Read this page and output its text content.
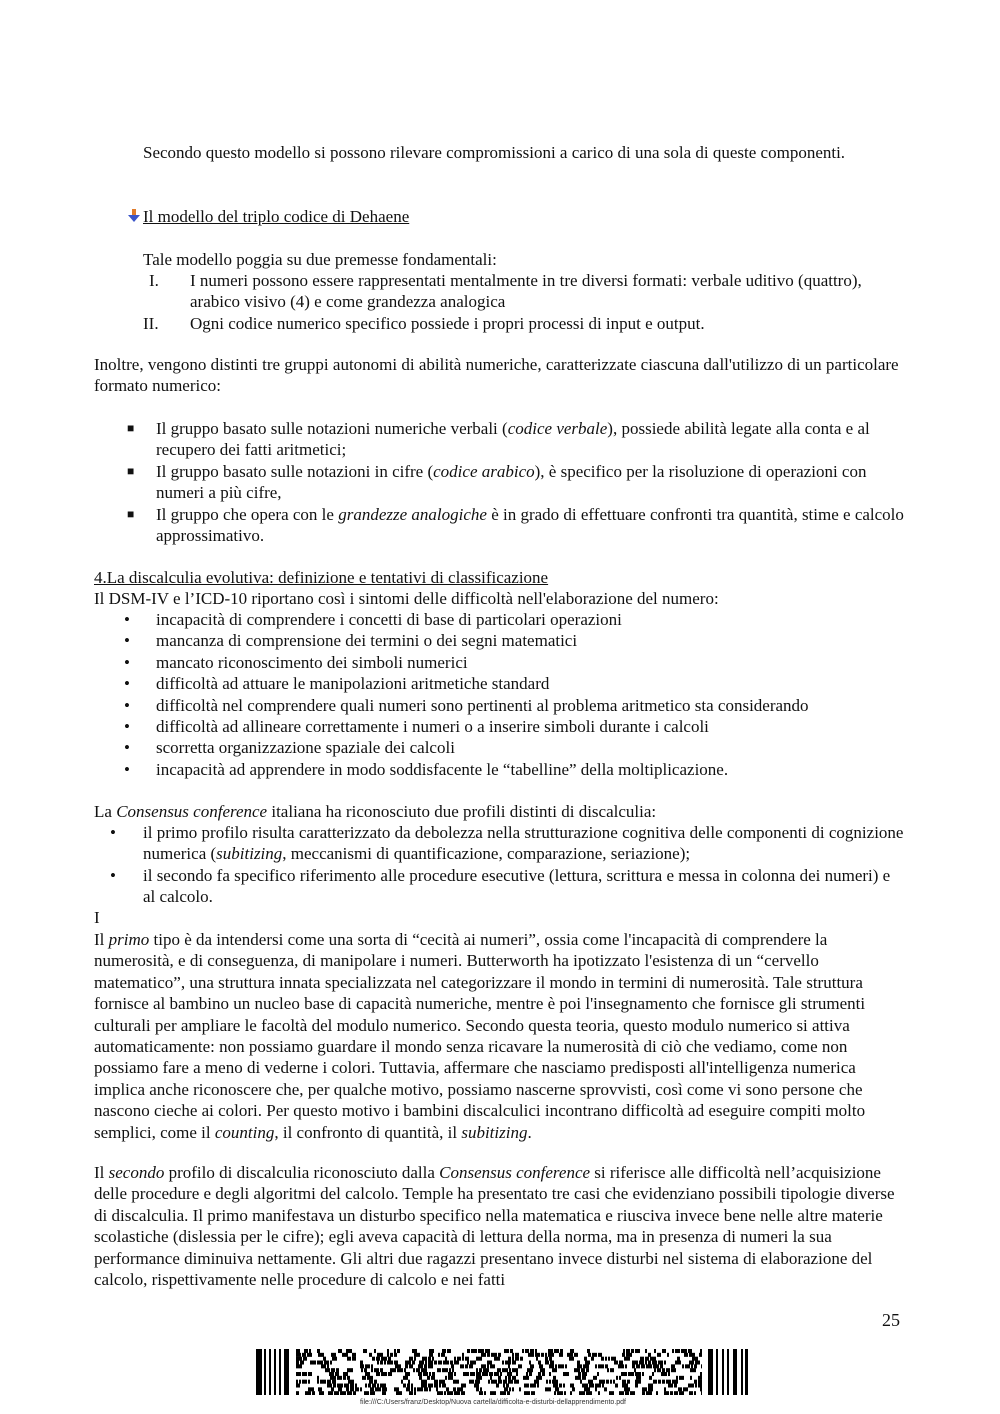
Secondo questo modello si possono rilevare compromissioni a carico di una sola di queste componenti.

Il modello del triplo codice di Dehaene

Tale modello poggia su due premesse fondamentali:

I. I numeri possono essere rappresentati mentalmente in tre diversi formati: verbale uditivo (quattro), arabico visivo (4) e come grandezza analogica
II. Ogni codice numerico specifico possiede i propri processi di input e output.

Inoltre, vengono distinti tre gruppi autonomi di abilità numeriche, caratterizzate ciascuna dall'utilizzo di un particolare formato numerico:

■ Il gruppo basato sulle notazioni numeriche verbali (codice verbale), possiede abilità legate alla conta e al recupero dei fatti aritmetici;
■ Il gruppo basato sulle notazioni in cifre (codice arabico), è specifico per la risoluzione di operazioni con numeri a più cifre,
■ Il gruppo che opera con le grandezze analogiche è in grado di effettuare confronti tra quantità, stime e calcolo approssimativo.

4.La discalculia evolutiva: definizione e tentativi di classificazione

Il DSM-IV e l’ICD-10 riportano così i sintomi delle difficoltà nell'elaborazione del numero:

• incapacità di comprendere i concetti di base di particolari operazioni
• mancanza di comprensione dei termini o dei segni matematici
• mancato riconoscimento dei simboli numerici
• difficoltà ad attuare le manipolazioni aritmetiche standard
• difficoltà nel comprendere quali numeri sono pertinenti al problema aritmetico sta considerando
• difficoltà ad allineare correttamente i numeri o a inserire simboli durante i calcoli
• scorretta organizzazione spaziale dei calcoli
• incapacità ad apprendere in modo soddisfacente le “tabelline” della moltiplicazione.

La Consensus conference italiana ha riconosciuto due profili distinti di discalculia:

• il primo profilo risulta caratterizzato da debolezza nella strutturazione cognitiva delle componenti di cognizione numerica (subitizing, meccanismi di quantificazione, comparazione, seriazione);
• il secondo fa specifico riferimento alle procedure esecutive (lettura, scrittura e messa in colonna dei numeri) e al calcolo.

I

Il primo tipo è da intendersi come una sorta di “cecità ai numeri”, ossia come l'incapacità di comprendere la numerosità, e di conseguenza, di manipolare i numeri. Butterworth ha ipotizzato l'esistenza di un “cervello matematico”, una struttura innata specializzata nel categorizzare il mondo in termini di numerosità. Tale struttura fornisce al bambino un nucleo base di capacità numeriche, mentre è poi l'insegnamento che fornisce gli strumenti culturali per ampliare le facoltà del modulo numerico. Secondo questa teoria, questo modulo numerico si attiva automaticamente: non possiamo guardare il mondo senza ricavare la numerosità di ciò che vediamo, come non possiamo fare a meno di vederne i colori. Tuttavia, affermare che nasciamo predisposti all'intelligenza numerica implica anche riconoscere che, per qualche motivo, possiamo nascerne sprovvisti, così come vi sono persone che nascono cieche ai colori. Per questo motivo i bambini discalculici incontrano difficoltà ad eseguire compiti molto semplici, come il counting, il confronto di quantità, il subitizing.

Il secondo profilo di discalculia riconosciuto dalla Consensus conference si riferisce alle difficoltà nell’acquisizione delle procedure e degli algoritmi del calcolo. Temple ha presentato tre casi che evidenziano possibili tipologie diverse di discalculia. Il primo manifestava un disturbo specifico nella matematica e riusciva invece bene nelle altre materie scolastiche (dislessia per le cifre); egli aveva capacità di lettura della norma, ma in presenza di numeri la sua performance diminuiva nettamente. Gli altri due ragazzi presentano invece disturbi nel sistema di elaborazione del calcolo, rispettivamente nelle procedure di calcolo e nei fatti

25
file:///C:/Users/franz/Desktop/Nuova cartella/difficolta-e-disturbi-dellapprendimento.pdf
